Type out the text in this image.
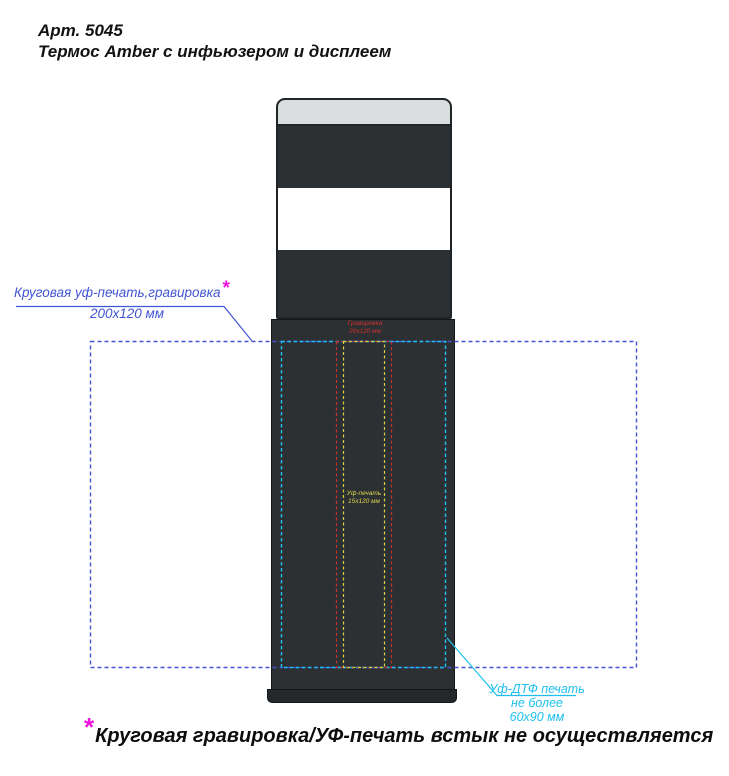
Арт. 5045
Термос Amber с инфьюзером и дисплеем
Гравировка
20х120 мм
Уф-печать
15х120 мм
Круговая уф-печать,гравировка *
200х120 мм
Уф-ДТФ печать
не более
60х90 мм
* Круговая гравировка/УФ-печать встык не осуществляется
